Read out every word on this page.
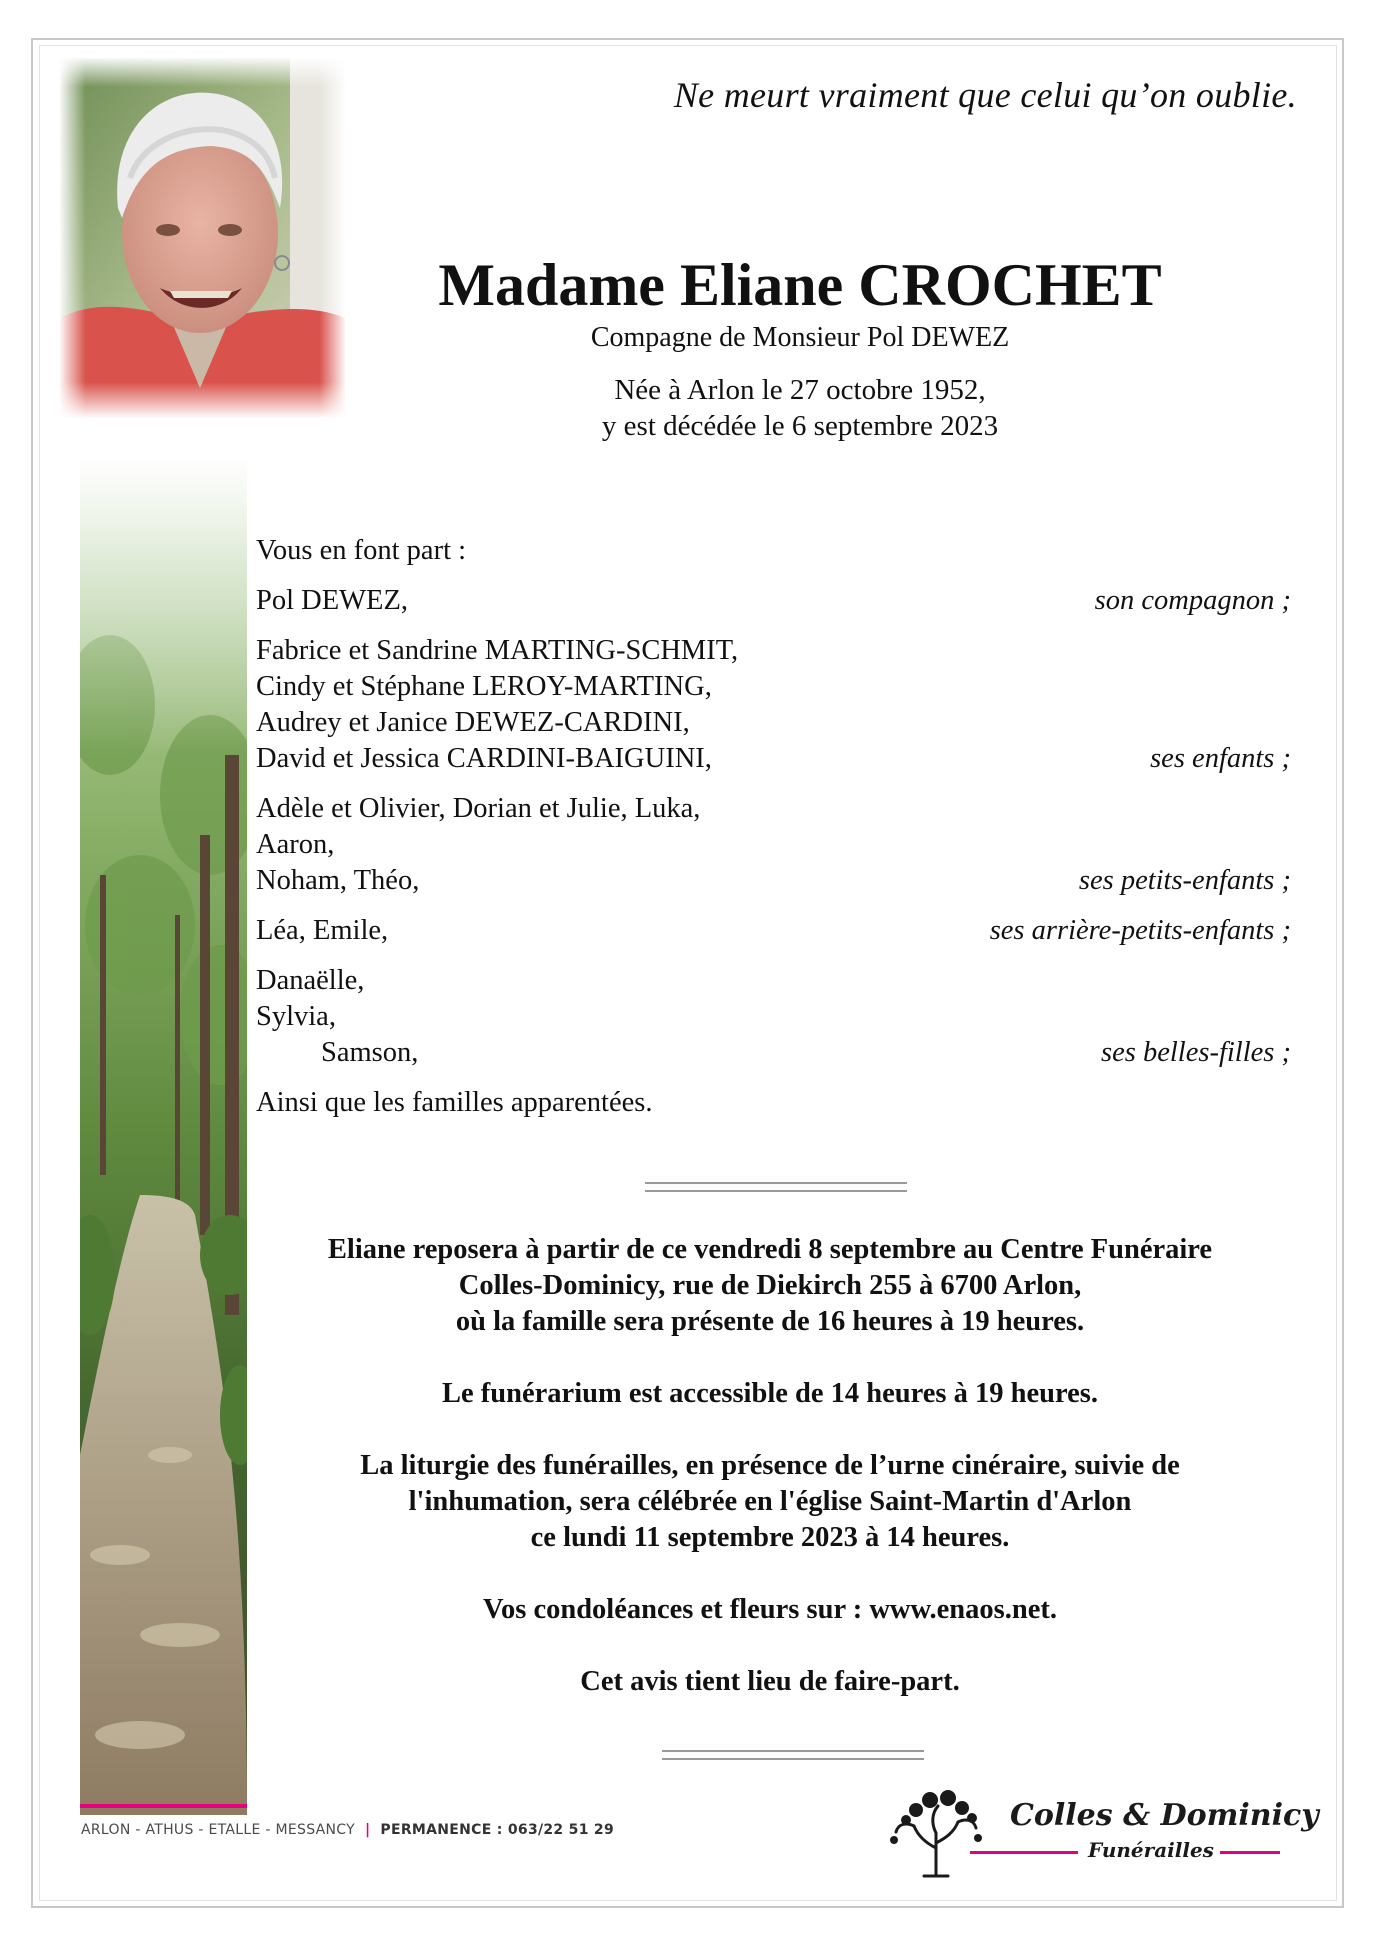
Ne meurt vraiment que celui qu’on oublie.
Madame Eliane CROCHET
Compagne de Monsieur Pol DEWEZ
Née à Arlon le 27 octobre 1952,
y est décédée le 6 septembre 2023

Vous en font part :

Pol DEWEZ,	son compagnon ;
Fabrice et Sandrine MARTING-SCHMIT,
Cindy et Stéphane LEROY-MARTING,
Audrey et Janice DEWEZ-CARDINI,
David et Jessica CARDINI-BAIGUINI,	ses enfants ;
Adèle et Olivier, Dorian et Julie, Luka,
Aaron,
Noham, Théo,	ses petits-enfants ;
Léa, Emile,	ses arrière-petits-enfants ;
Danaëlle,
Sylvia,
Samson,	ses belles-filles ;

Ainsi que les familles apparentées.

Eliane reposera à partir de ce vendredi 8 septembre au Centre Funéraire
Colles-Dominicy, rue de Diekirch 255 à 6700 Arlon,
où la famille sera présente de 16 heures à 19 heures.

Le funérarium est accessible de 14 heures à 19 heures.

La liturgie des funérailles, en présence de l’urne cinéraire, suivie de
l'inhumation, sera célébrée en l'église Saint-Martin d'Arlon
ce lundi 11 septembre 2023 à 14 heures.

Vos condoléances et fleurs sur : www.enaos.net.

Cet avis tient lieu de faire-part.

ARLON - ATHUS - ETALLE - MESSANCY | PERMANENCE : 063/22 51 29	Colles & Dominicy
Funérailles
